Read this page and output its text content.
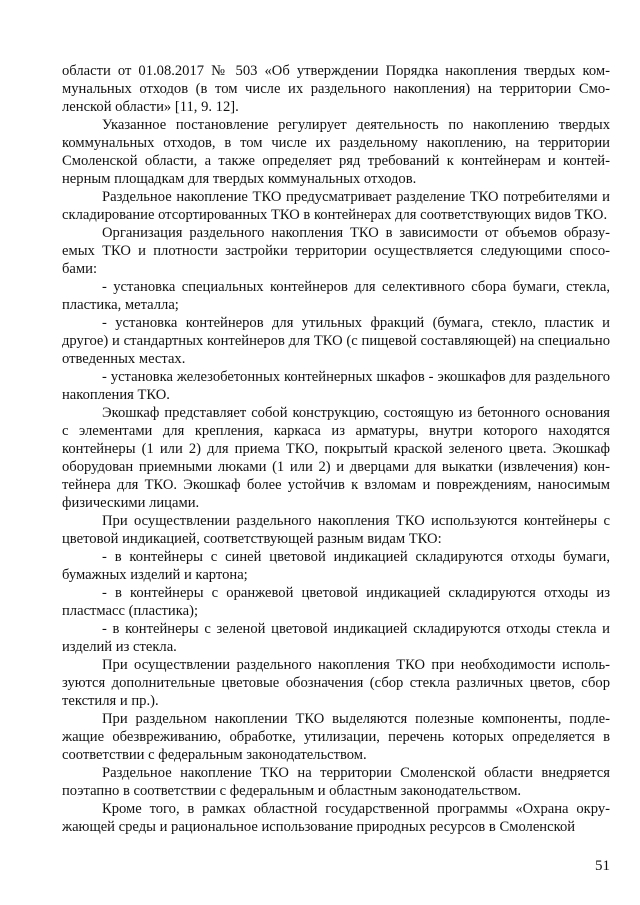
области от 01.08.2017 № 503 «Об утверждении Порядка накопления твердых коммунальных отходов (в том числе их раздельного накопления) на территории Смоленской области» [11, 9. 12].

Указанное постановление регулирует деятельность по накоплению твердых коммунальных отходов, в том числе их раздельному накоплению, на территории Смоленской области, а также определяет ряд требований к контейнерам и контейнерным площадкам для твердых коммунальных отходов.

Раздельное накопление ТКО предусматривает разделение ТКО потребителями и складирование отсортированных ТКО в контейнерах для соответствующих видов ТКО.

Организация раздельного накопления ТКО в зависимости от объемов образуемых ТКО и плотности застройки территории осуществляется следующими способами:

- установка специальных контейнеров для селективного сбора бумаги, стекла, пластика, металла;

- установка контейнеров для утильных фракций (бумага, стекло, пластик и другое) и стандартных контейнеров для ТКО (с пищевой составляющей) на специально отведенных местах.

- установка железобетонных контейнерных шкафов - экошкафов для раздельного накопления ТКО.

Экошкаф представляет собой конструкцию, состоящую из бетонного основания с элементами для крепления, каркаса из арматуры, внутри которого находятся контейнеры (1 или 2) для приема ТКО, покрытый краской зеленого цвета. Экошкаф оборудован приемными люками (1 или 2) и дверцами для выкатки (извлечения) контейнера для ТКО. Экошкаф более устойчив к взломам и повреждениям, наносимым физическими лицами.

При осуществлении раздельного накопления ТКО используются контейнеры с цветовой индикацией, соответствующей разным видам ТКО:

- в контейнеры с синей цветовой индикацией складируются отходы бумаги, бумажных изделий и картона;

- в контейнеры с оранжевой цветовой индикацией складируются отходы из пластмасс (пластика);

- в контейнеры с зеленой цветовой индикацией складируются отходы стекла и изделий из стекла.

При осуществлении раздельного накопления ТКО при необходимости используются дополнительные цветовые обозначения (сбор стекла различных цветов, сбор текстиля и пр.).

При раздельном накоплении ТКО выделяются полезные компоненты, подлежащие обезвреживанию, обработке, утилизации, перечень которых определяется в соответствии с федеральным законодательством.

Раздельное накопление ТКО на территории Смоленской области внедряется поэтапно в соответствии с федеральным и областным законодательством.

Кроме того, в рамках областной государственной программы «Охрана окружающей среды и рациональное использование природных ресурсов в Смоленской

51
